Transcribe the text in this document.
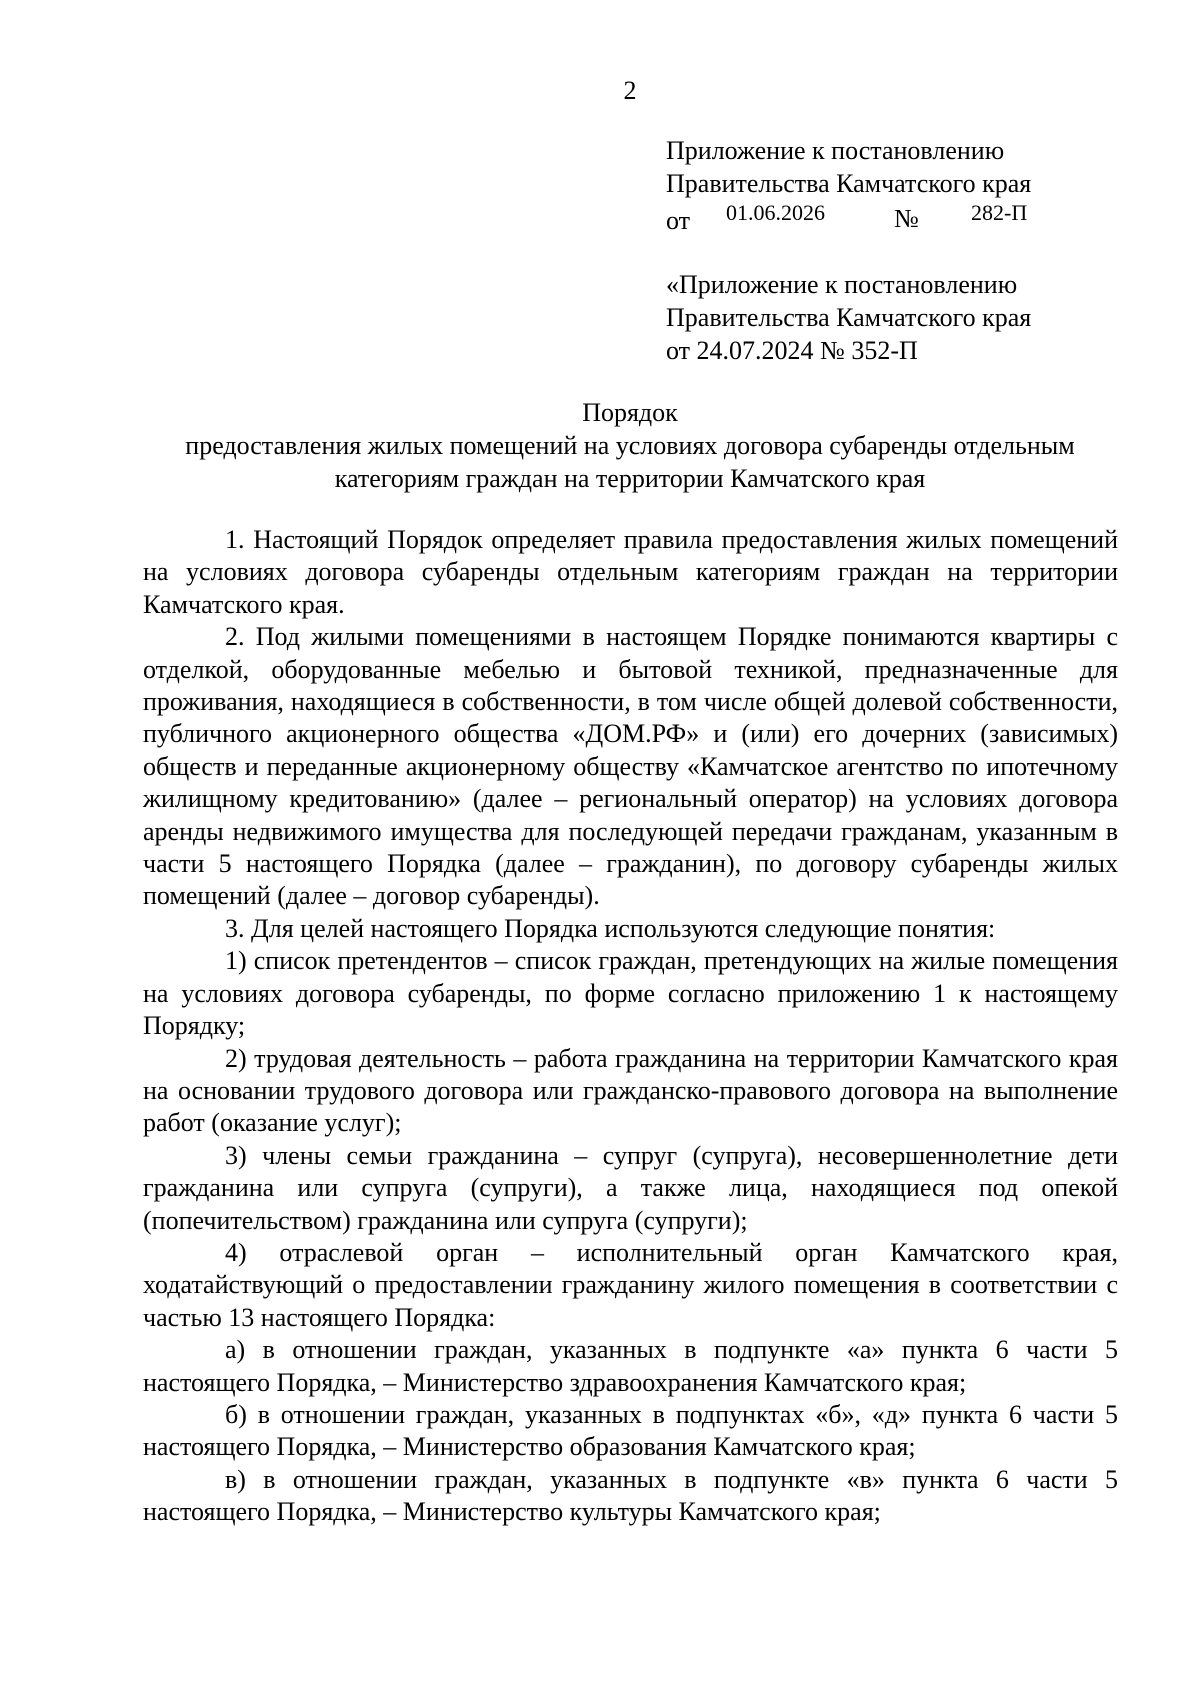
2
Приложение к постановлению
Правительства Камчатского края
от 01.06.2026	№ 282-П
«Приложение к постановлению
Правительства Камчатского края
от 24.07.2024 № 352-П
Порядок
предоставления жилых помещений на условиях договора субаренды отдельным
категориям граждан на территории Камчатского края

1. Настоящий Порядок определяет правила предоставления жилых помещений на условиях договора субаренды отдельным категориям граждан на территории Камчатского края.

2. Под жилыми помещениями в настоящем Порядке понимаются квартиры с отделкой, оборудованные мебелью и бытовой техникой, предназначенные для проживания, находящиеся в собственности, в том числе общей долевой собственности, публичного акционерного общества «ДОМ.РФ» и (или) его дочерних (зависимых) обществ и переданные акционерному обществу «Камчатское агентство по ипотечному жилищному кредитованию» (далее – региональный оператор) на условиях договора аренды недвижимого имущества для последующей передачи гражданам, указанным в части 5 настоящего Порядка (далее – гражданин), по договору субаренды жилых помещений (далее – договор субаренды).

3. Для целей настоящего Порядка используются следующие понятия:

1) список претендентов – список граждан, претендующих на жилые помещения на условиях договора субаренды, по форме согласно приложению 1 к настоящему Порядку;

2) трудовая деятельность – работа гражданина на территории Камчатского края на основании трудового договора или гражданско-правового договора на выполнение работ (оказание услуг);

3) члены семьи гражданина – супруг (супруга), несовершеннолетние дети гражданина или супруга (супруги), а также лица, находящиеся под опекой (попечительством) гражданина или супруга (супруги);

4) отраслевой орган – исполнительный орган Камчатского края, ходатайствующий о предоставлении гражданину жилого помещения в соответствии с частью 13 настоящего Порядка:

а) в отношении граждан, указанных в подпункте «а» пункта 6 части 5 настоящего Порядка, – Министерство здравоохранения Камчатского края;

б) в отношении граждан, указанных в подпунктах «б», «д» пункта 6 части 5 настоящего Порядка, – Министерство образования Камчатского края;

в) в отношении граждан, указанных в подпункте «в» пункта 6 части 5 настоящего Порядка, – Министерство культуры Камчатского края;
